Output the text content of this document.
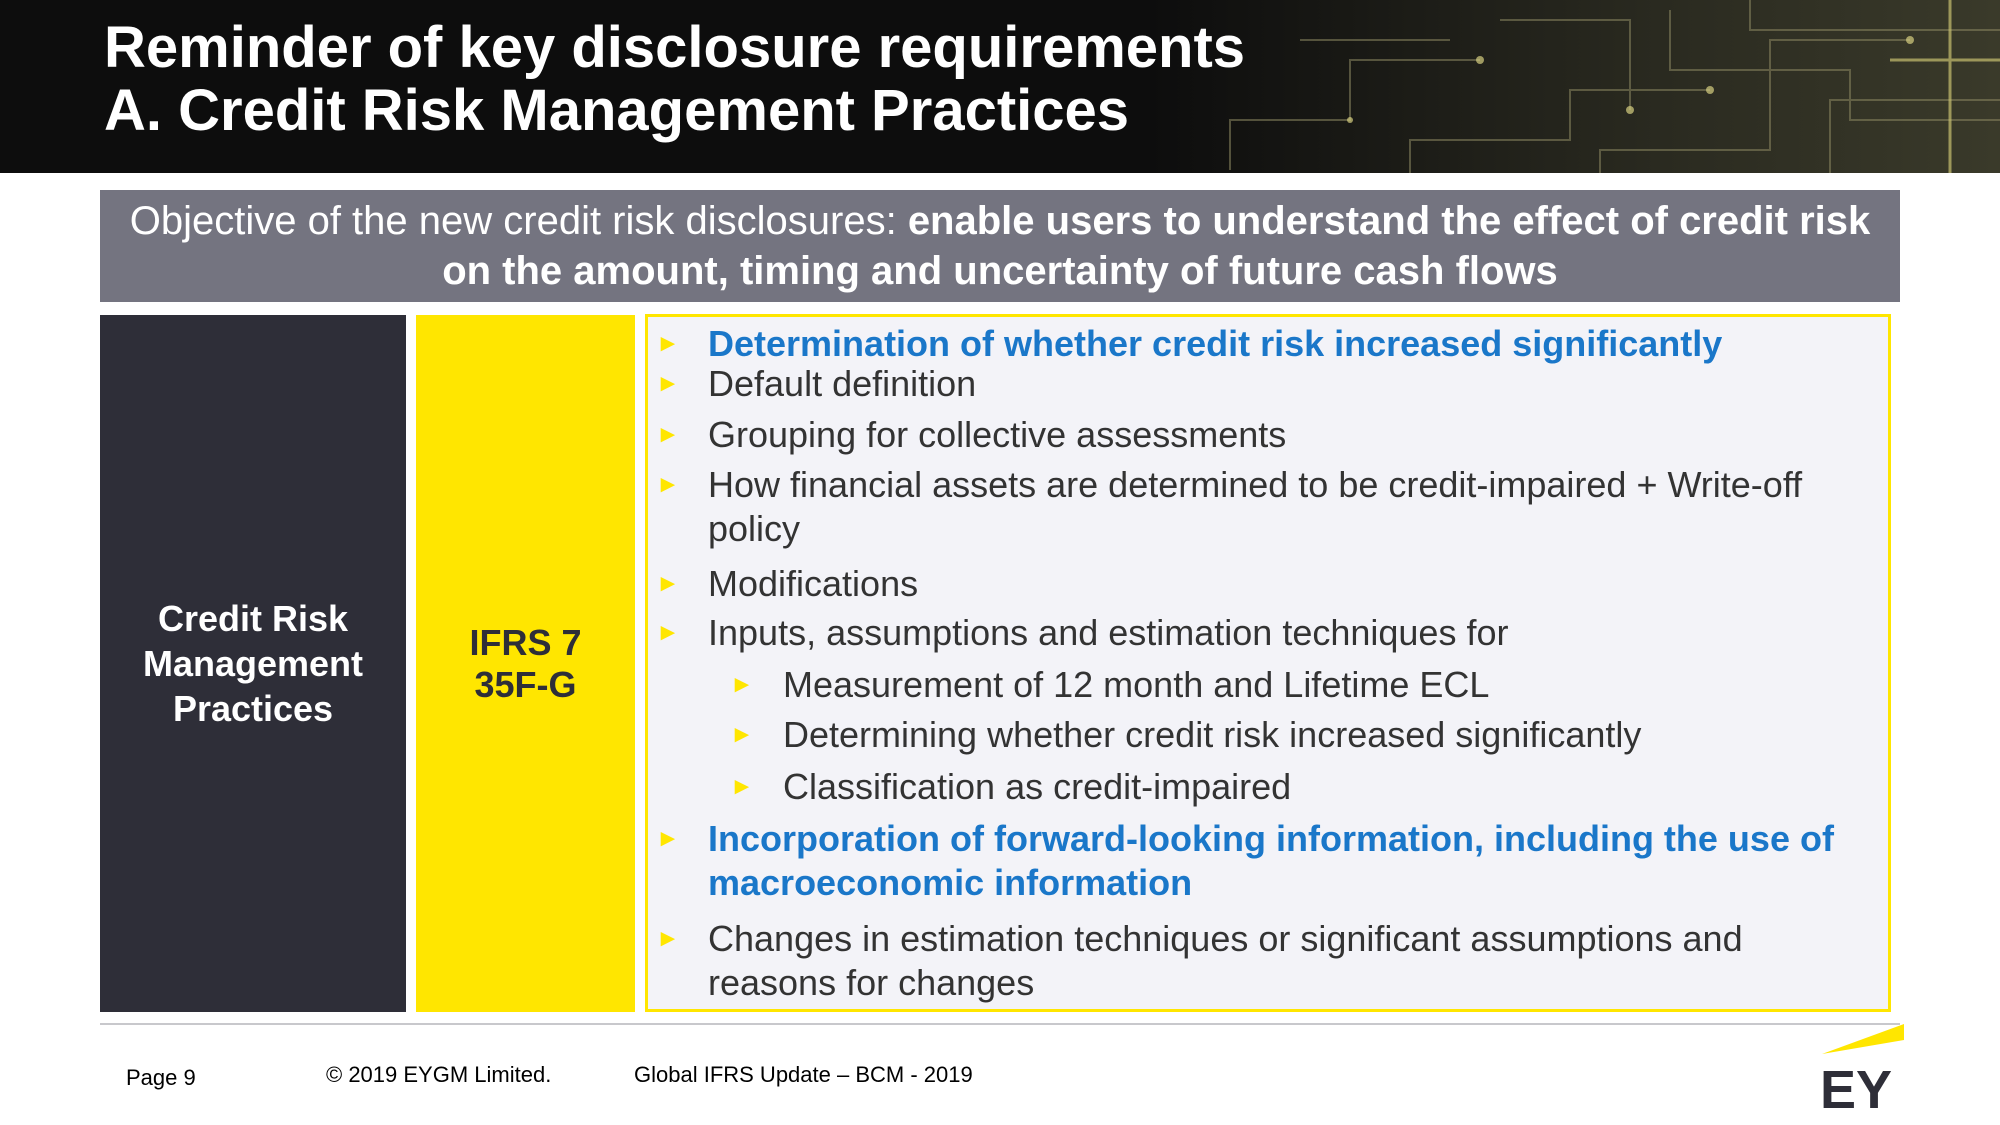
Reminder of key disclosure requirements
A. Credit Risk Management Practices
Objective of the new credit risk disclosures: enable users to understand the effect of credit risk on the amount, timing and uncertainty of future cash flows
Credit Risk Management Practices
IFRS 7
35F-G
► Determination of whether credit risk increased significantly
► Default definition
► Grouping for collective assessments
► How financial assets are determined to be credit-impaired + Write-off policy
► Modifications
► Inputs, assumptions and estimation techniques for
► Measurement of 12 month and Lifetime ECL
► Determining whether credit risk increased significantly
► Classification as credit-impaired
► Incorporation of forward-looking information, including the use of macroeconomic information
► Changes in estimation techniques or significant assumptions and reasons for changes
Page 9	© 2019 EYGM Limited.	Global IFRS Update – BCM - 2019	EY
